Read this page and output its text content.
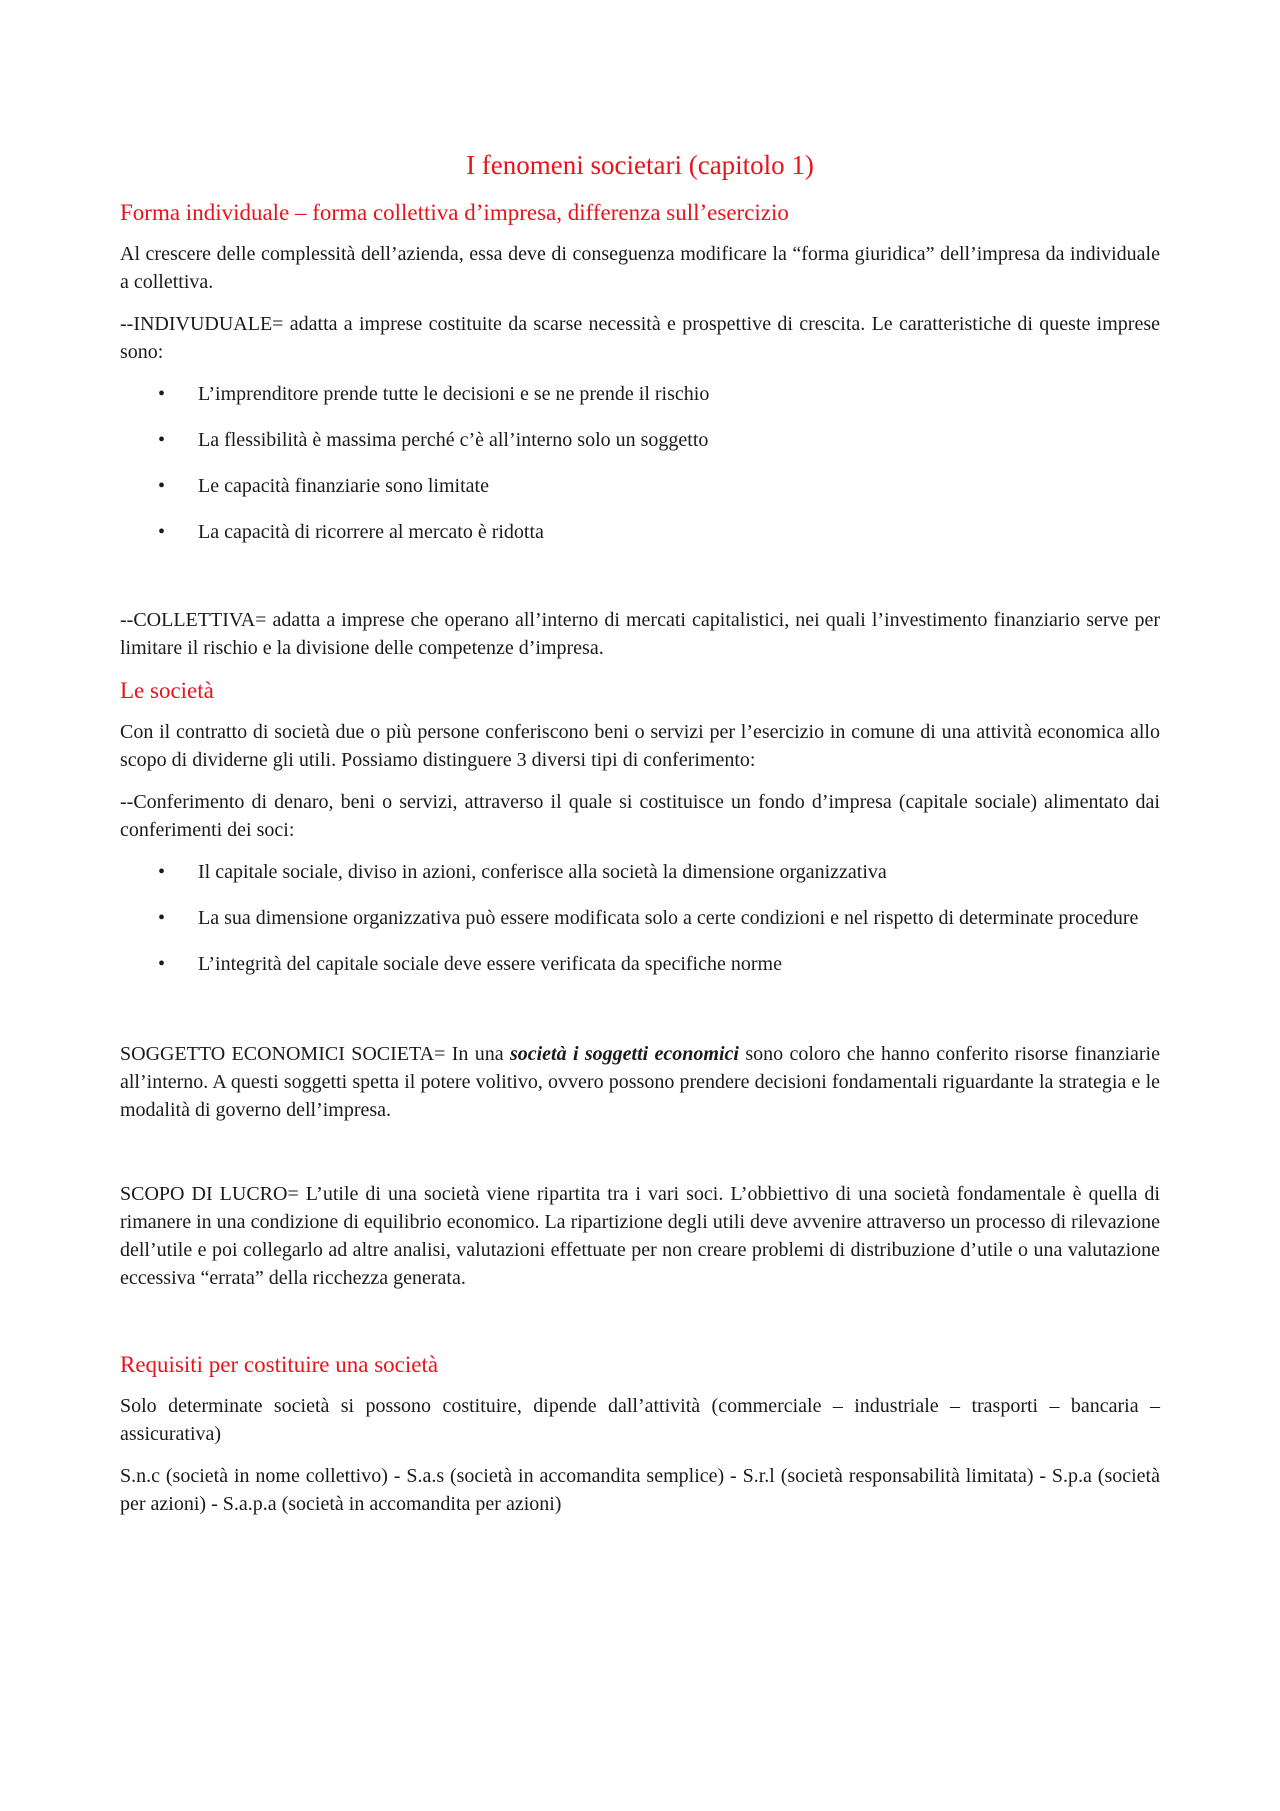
I fenomeni societari (capitolo 1)
Forma individuale – forma collettiva d’impresa, differenza sull’esercizio

Al crescere delle complessità dell’azienda, essa deve di conseguenza modificare la “forma giuridica” dell’impresa da individuale a collettiva.

--INDIVUDUALE= adatta a imprese costituite da scarse necessità e prospettive di crescita. Le caratteristiche di queste imprese sono:

• L’imprenditore prende tutte le decisioni e se ne prende il rischio
• La flessibilità è massima perché c’è all’interno solo un soggetto
• Le capacità finanziarie sono limitate
• La capacità di ricorrere al mercato è ridotta

--COLLETTIVA= adatta a imprese che operano all’interno di mercati capitalistici, nei quali l’investimento finanziario serve per limitare il rischio e la divisione delle competenze d’impresa.

Le società

Con il contratto di società due o più persone conferiscono beni o servizi per l’esercizio in comune di una attività economica allo scopo di dividerne gli utili. Possiamo distinguere 3 diversi tipi di conferimento:

--Conferimento di denaro, beni o servizi, attraverso il quale si costituisce un fondo d’impresa (capitale sociale) alimentato dai conferimenti dei soci:

• Il capitale sociale, diviso in azioni, conferisce alla società la dimensione organizzativa
• La sua dimensione organizzativa può essere modificata solo a certe condizioni e nel rispetto di determinate procedure
• L’integrità del capitale sociale deve essere verificata da specifiche norme

SOGGETTO ECONOMICI SOCIETA= In una società i soggetti economici sono coloro che hanno conferito risorse finanziarie all’interno. A questi soggetti spetta il potere volitivo, ovvero possono prendere decisioni fondamentali riguardante la strategia e le modalità di governo dell’impresa.

SCOPO DI LUCRO= L’utile di una società viene ripartita tra i vari soci. L’obbiettivo di una società fondamentale è quella di rimanere in una condizione di equilibrio economico. La ripartizione degli utili deve avvenire attraverso un processo di rilevazione dell’utile e poi collegarlo ad altre analisi, valutazioni effettuate per non creare problemi di distribuzione d’utile o una valutazione eccessiva “errata” della ricchezza generata.

Requisiti per costituire una società

Solo determinate società si possono costituire, dipende dall’attività (commerciale – industriale – trasporti – bancaria – assicurativa)

S.n.c (società in nome collettivo) - S.a.s (società in accomandita semplice) - S.r.l (società responsabilità limitata) - S.p.a (società per azioni) - S.a.p.a (società in accomandita per azioni)
